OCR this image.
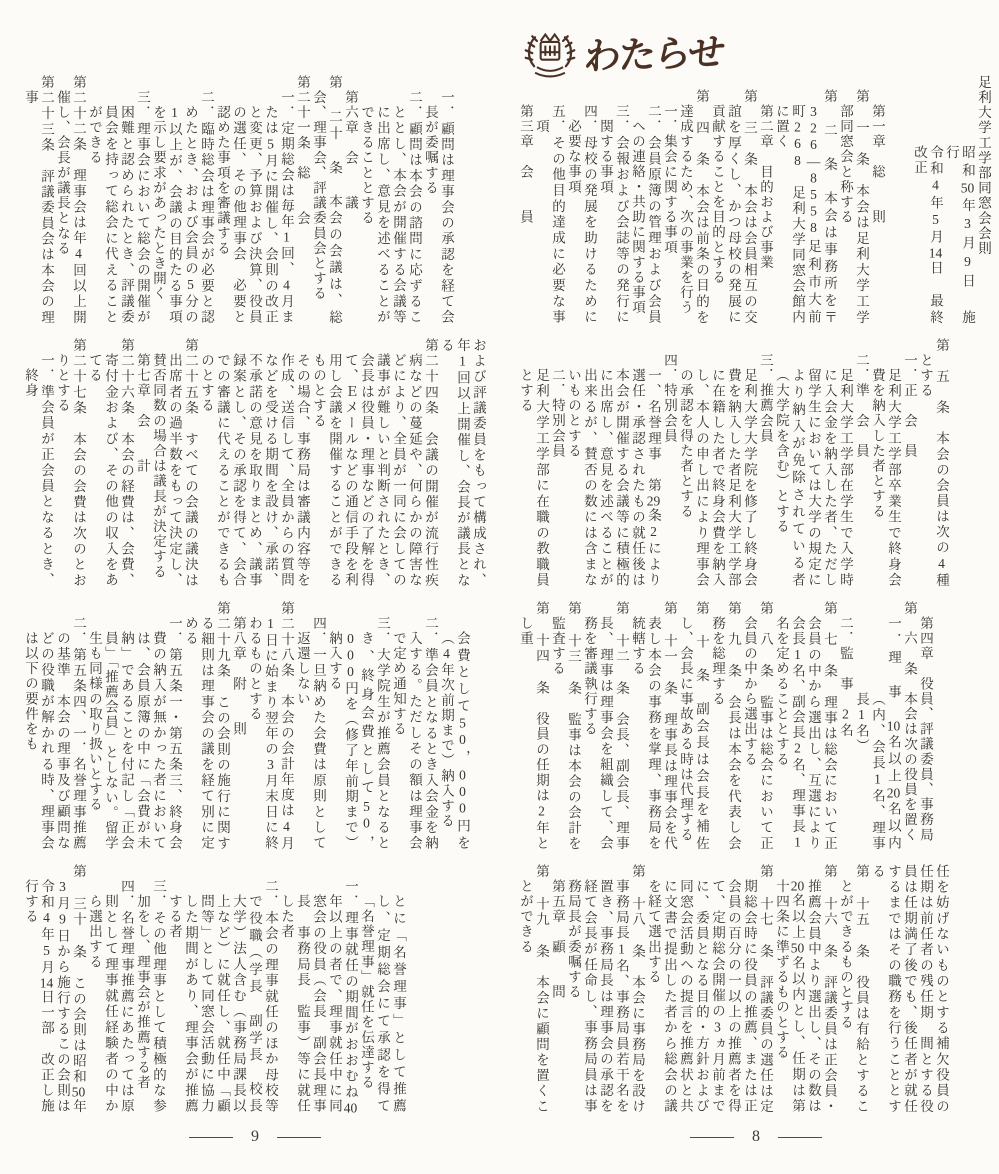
わたらせ

一．顧問は理事会の承認を経て会長が委嘱する

二．顧問は本会の諮問に応ずることとし、本会が開催する会議等に出席し、意見を述べることができることとする

第六章　会　　議

第 二十 条　本会の会議は、総会、理事会、評議委員会とする

第二十一条　総　　会

一．定期総会は毎年1回、4月または5月に開催し、会則の改正と変更、予算および決算、役員の選任、その他理事会　必要と認めた事項を審議する

二．臨時総会は理事会が必要と認めたとき、および会員の5分の1以上が、会議の目的たる事項を示し要求があったとき開く

三．理事会において総会の開催が困難と認められたとき、評議委員会を持って総会に代えることができる

第二十二条　理事会は年4回以上開催し、会長が議長となる

第二十三条　評議委員会は本会の理事

および評議委員をもって構成され、年1回以上開催し、会長が議長となる

第二十四条　会議の開催が流行性疾病などの蔓延や、何らかの障害などにより、全員が一同に会しての議事が難しいと判断されたとき、会長は役員・理事などの了解を得て、Ｅメールなどの通信手段を利用し会議を開催することができるものとする

その場合、事務局は審議内容等を作成、送信して、全員からの質問などを受ける期間を設け、承諾、不承諾の意見を取りまとめ、議事録案とし、その承認を得て、会合での審議に代えることができるものとする

第二十五条　すべての会議の議決は出席者の過半数をもって決定し、賛否同数の場合は議長が決定する

第七章　会　　計

第二十六条　本会の経費は、会費、寄付金および、その他の収入をあてる

第二十七条　本会の会費は次のとおりとする

一．準会員が正会員となるとき、終身

会費として50，000円を（4年次前期まで）納入する

二．準会員となるとき入会金を納入する。ただしその額は理事会で定め通知する

三．大学院生が推薦会員となるとき、終身会費として50，000円を（修了年前期まで）納入する

四．一旦納めた会費は原則として返還しない

第二十八条　本会の会計年度は4月1日に始まり翌年の3月末日に終わるものとする

第八章　附　　則

第二十九条　この会則の施行に関する細則は理事会の議を経て別に定める

一．第五条一・第五条三、終身会費の納入が無かった者においては、会員原簿の中に「会費が未納」であることを付記し「正会員」「推薦会員」としない。留学生も同様の取り扱いとする

二．第五条四、一．名誉理事推薦の基準　本会の理事及び顧問などの役職が解かれる時、理事会は以下の要件をも

とに「名誉理事」として推薦し、定期総会にて承認を得て「名誉理事」就任を伝達する

一．理事就任の期間がおおむね40年以上の者で、理事就任中に同窓会の役員（会長　副会長理事長　事務局長　監事）等に就任した者

二．本会の理事就任のほか母校等で役職（学長　副学長　校長　大学）法人含む（事務局課長以上など）に就任し、就任中「顧問等」として同窓会活動に協力した期間があり、理事会が推薦する者

三．その他理事として積極的な参加をし、理事会が推薦する者

四．名誉理事推薦にあたっては原則として理事就任経験者の中から選出する

第 三十 条　この会則は昭和50年3月9日から施行するこの会則は令和4年5月14日一部　改正し施行する

9

足利大学工学部同窓会会則

昭和50年3月9日　施　行

令和4年5月14日　最終改正

第一章　総　　則

第　一　条　本会は足利大学工学部同窓会と称する

第　二　条　本会は事務所を〒326―8558足利市大前町268　足利大学同窓会館内に置く

第二章　目的および事業

第　三　条　本会は会員相互の交誼を厚くし、かつ母校の発展に貢献することを目的とする

第　四　条　本会は前条の目的を達成するため、次の事業を行う

一．集会に関する事項

二．会員原簿の管理および会員への連絡・共助に関する事項

三．会報および会誌等の発行に関する事項

四．母校の発展を助けるために必要な事項

五．その他目的達成に必要な事項

第三章　会　　員

第　五　条　本会の会員は次の4種とする

一．正　会　員

足利大学工学部卒業生で終身会費を納入した者とする

二．準　会　員

足利大学工学部在学生で入学時に入会金を納入した者、ただし留学生においては大学の規定により納入が免除されている者（大学院を含む）とする

三．推薦会員

足利大学大学院を修了し終身会費を納入した者足利大学工学部に在籍した者で終身会費を納入し、本人の申し出により理事会の承認を得た者とする

四．特別会員

一、名誉理事　第29条2により選任・承認されたもの就任後は本会が開催する会議等に積極的に出席し、意見を述べることが出来るが、賛否の数には含まないものとする

二．特別会員

足利大学工学部に在職の教職員とする

第四章　役員、評議委員、事務局

第　六　条　本会は次の役員を置く

一．理　事　10名以上20名以内（内、会長1名、理事長1名）

二．監　事　2名

第　七　条　理事は総会において正会員の中から選出し、互選により会長1名、副会長2名、理事長1名を定めることとする

第　八　条　監事は総会において正会員の中から選出する

第　九　条　会長は本会を代表し会務を総理する

第　十　条　副会長は会長を補佐し、会長に事故ある時は代理する

第 十一 条　理事長は理事会を代表し本会の事務を掌理、事務局を統轄する

第 十二 条　会長、副会長、理事長、理事は理事会を組織して、会務を審議執行する

第 十三 条　監事は本会の会計を監査する

第 十四 条　役員の任期は2年とし重

任を妨げないものとする補欠役員の任期は前任者の残任期　間とする役員は任期満了後でも、後任者が就任するまではその職務を行うこととする

第 十五 条　役員は有給とすることができるものとする

第 十六 条　評議委員は正会員・推薦会員中より選出し、その数は20名以上50名以内とし、任期は第十四条に準ずるものとする

第 十七 条　評議委員の選任は定期総会時に役員の推薦、または正会員の百分の一以上の推薦者を得て、定期総会開催の3ヵ月前までに、委員となる目的・方針および同窓会活動への提言を推薦状と共に文書で提出した者から総会の議を経て選出する

第 十八 条　本会に事務局を設け事務局長1名、事務局員若干名を置き、事務局長は理事会の承認を経て会長が任命し、事務局員は事務局長が委嘱する

第五章　顧　　問

第 十九 条　本会に顧問を置くことができる

8
